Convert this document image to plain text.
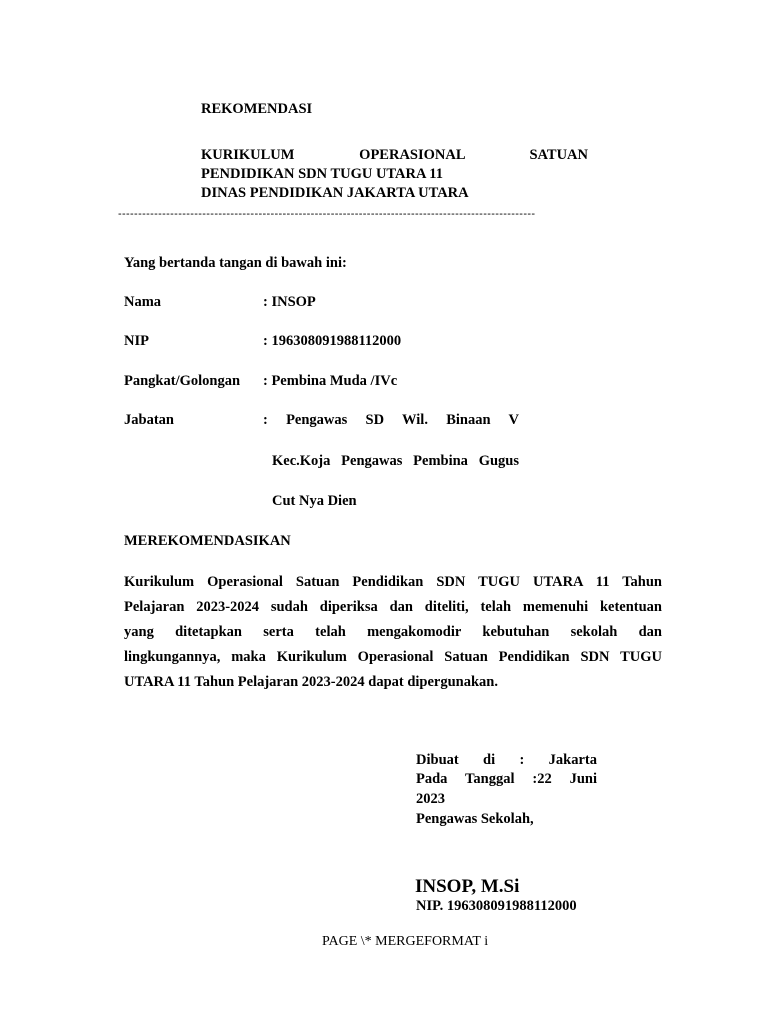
REKOMENDASI
KURIKULUM OPERASIONAL SATUAN
PENDIDIKAN SDN TUGU UTARA 11
DINAS PENDIDIKAN JAKARTA UTARA
--------------------------------------------------------------------------------------------------------
Yang bertanda tangan di bawah ini:
Nama	: INSOP
NIP	: 196308091988112000
Pangkat/Golongan : Pembina Muda /IVc
Jabatan	: Pengawas SD Wil. Binaan V
Kec.Koja Pengawas Pembina Gugus
Cut Nya Dien
MEREKOMENDASIKAN
Kurikulum Operasional Satuan Pendidikan SDN TUGU UTARA 11 Tahun
Pelajaran 2023-2024 sudah diperiksa dan diteliti, telah memenuhi ketentuan
yang ditetapkan serta telah mengakomodir kebutuhan sekolah dan
lingkungannya, maka Kurikulum Operasional Satuan Pendidikan SDN TUGU
UTARA 11 Tahun Pelajaran 2023-2024 dapat dipergunakan.
Dibuat di : Jakarta
Pada Tanggal :22 Juni
2023
Pengawas Sekolah,
INSOP, M.Si
NIP. 196308091988112000
PAGE \* MERGEFORMAT i
